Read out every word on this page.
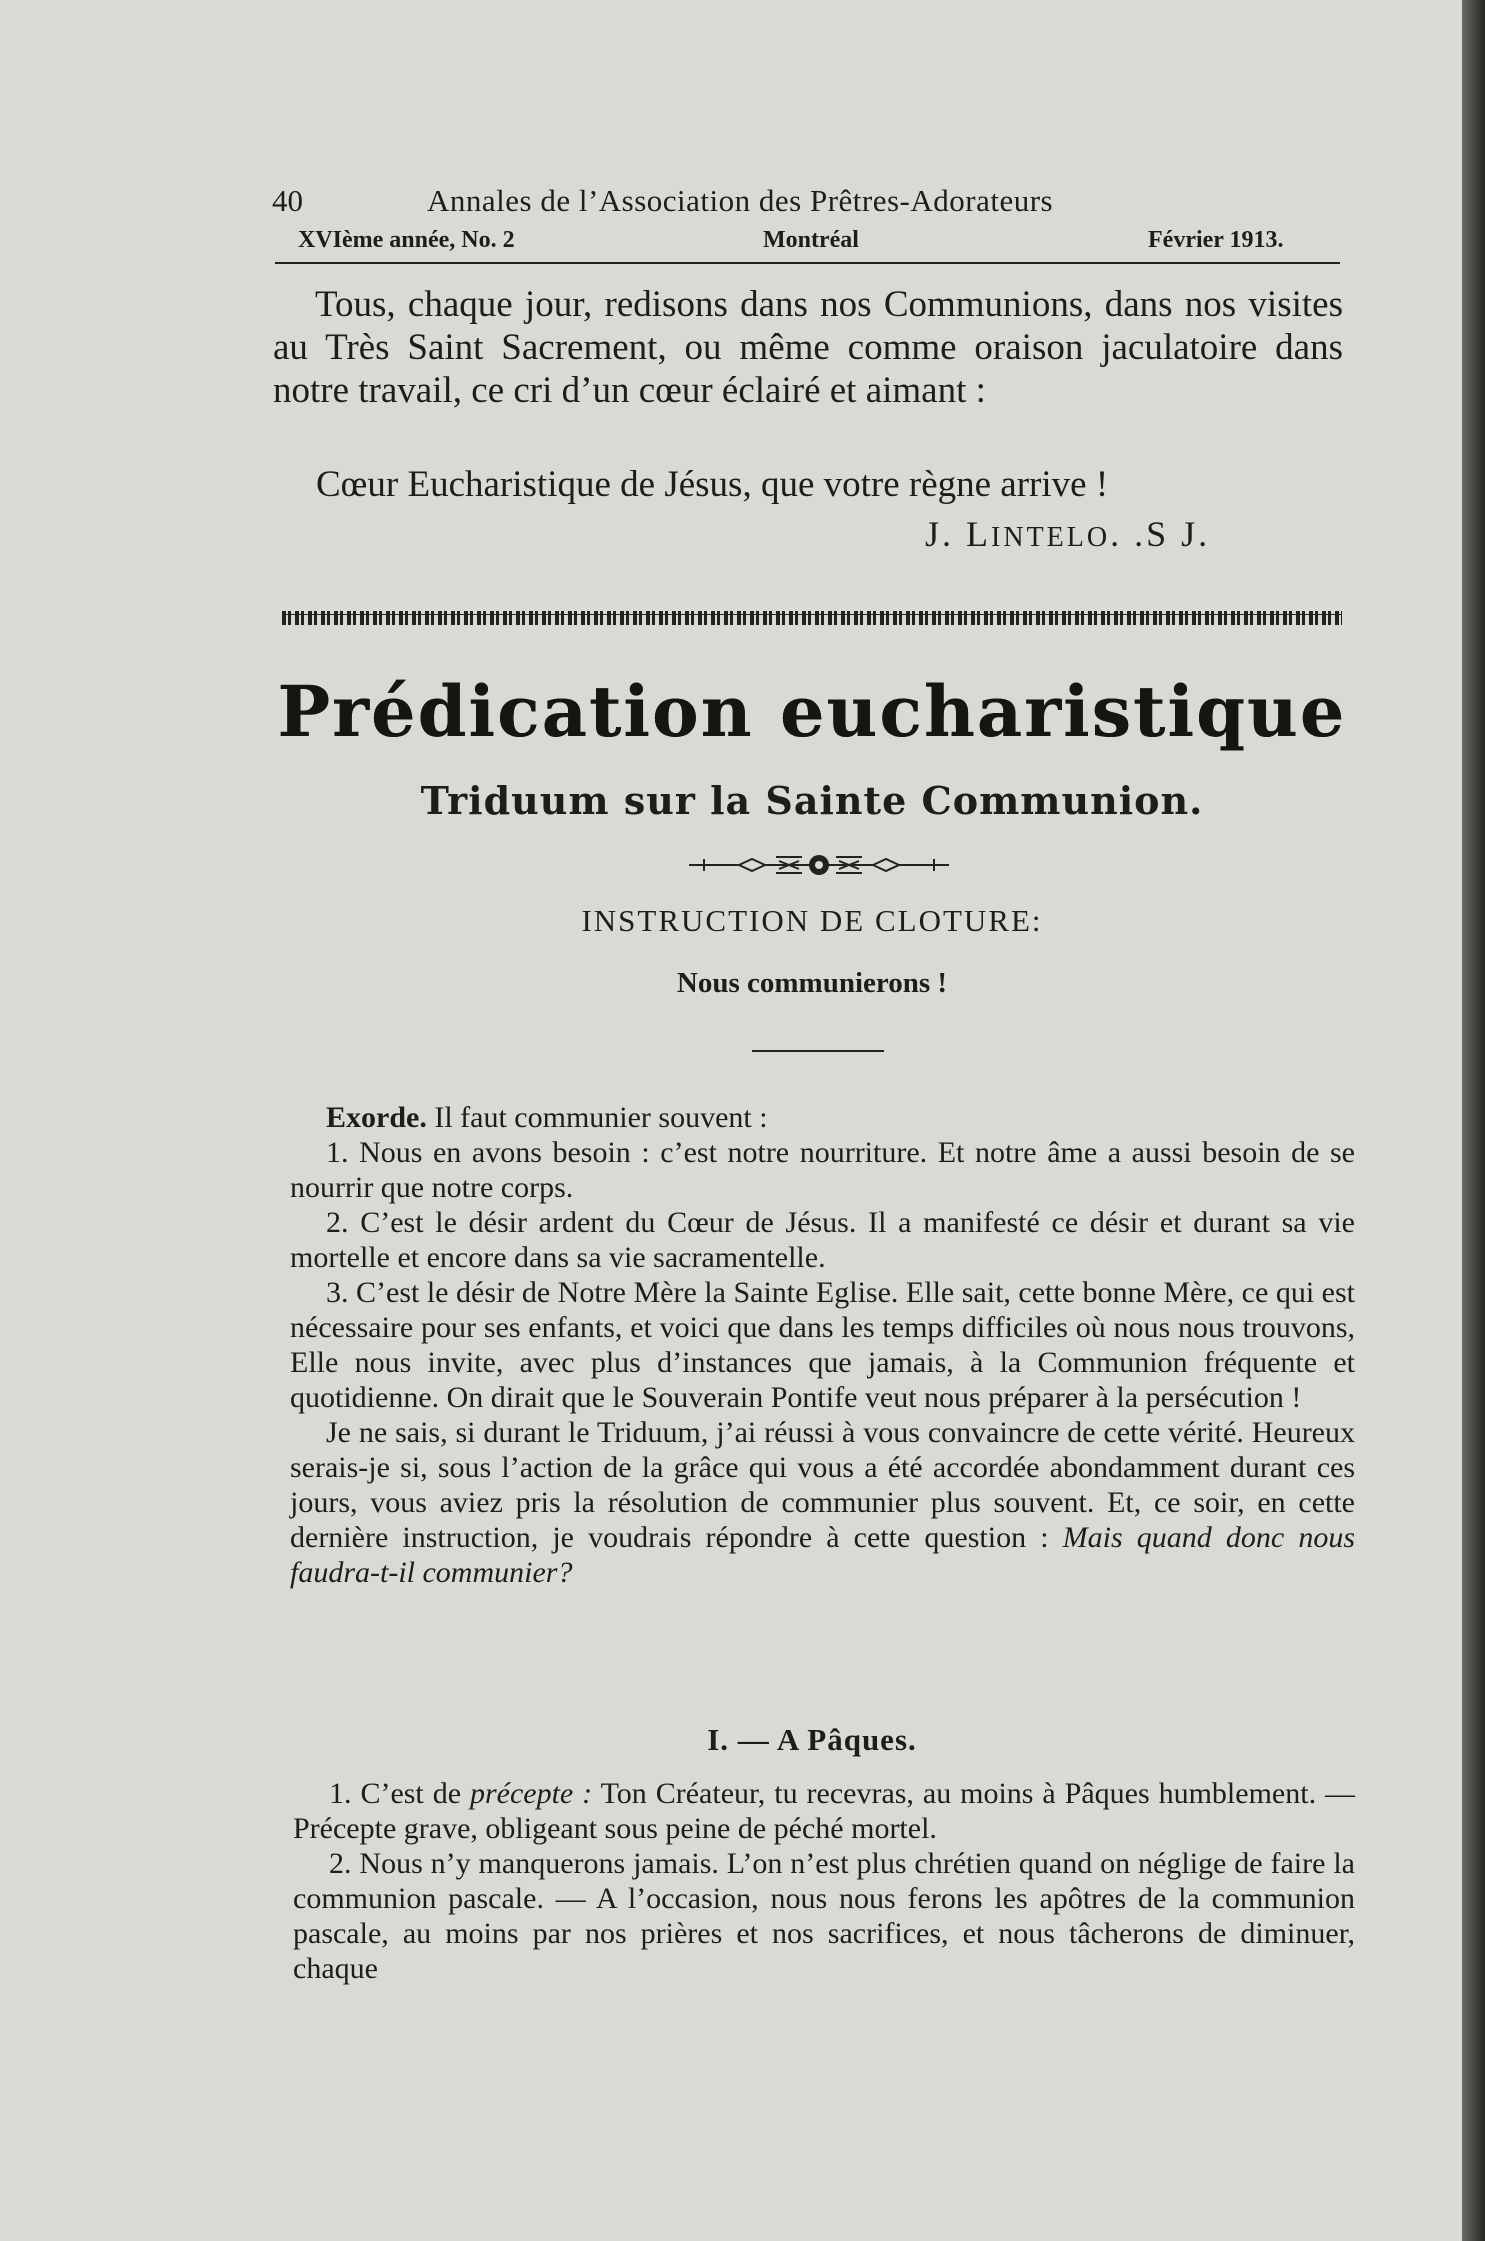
40	Annales de l’Association des Prêtres-Adorateurs
XVIème année, No. 2	Montréal	Février 1913.

Tous, chaque jour, redisons dans nos Communions, dans nos visites au Très Saint Sacrement, ou même comme oraison jaculatoire dans notre travail, ce cri d’un cœur éclairé et aimant :

Cœur Eucharistique de Jésus, que votre règne arrive !
J. LINTELO. .S J.
Prédication eucharistique
Triduum sur la Sainte Communion.
INSTRUCTION DE CLOTURE:
Nous communierons !

Exorde. Il faut communier souvent :

1. Nous en avons besoin : c’est notre nourriture. Et notre âme a aussi besoin de se nourrir que notre corps.

2. C’est le désir ardent du Cœur de Jésus. Il a manifesté ce désir et durant sa vie mortelle et encore dans sa vie sacramentelle.

3. C’est le désir de Notre Mère la Sainte Eglise. Elle sait, cette bonne Mère, ce qui est nécessaire pour ses enfants, et voici que dans les temps difficiles où nous nous trouvons, Elle nous invite, avec plus d’instances que jamais, à la Communion fréquente et quotidienne. On dirait que le Souverain Pontife veut nous préparer à la persécution !

Je ne sais, si durant le Triduum, j’ai réussi à vous convaincre de cette vérité. Heureux serais-je si, sous l’action de la grâce qui vous a été accordée abondamment durant ces jours, vous aviez pris la résolution de communier plus souvent. Et, ce soir, en cette dernière instruction, je voudrais répondre à cette question : Mais quand donc nous faudra-t-il communier?

I. — A Pâques.

1. C’est de précepte : Ton Créateur, tu recevras, au moins à Pâques humblement. — Précepte grave, obligeant sous peine de péché mortel.

2. Nous n’y manquerons jamais. L’on n’est plus chrétien quand on néglige de faire la communion pascale. — A l’occasion, nous nous ferons les apôtres de la communion pascale, au moins par nos prières et nos sacrifices, et nous tâcherons de diminuer, chaque
